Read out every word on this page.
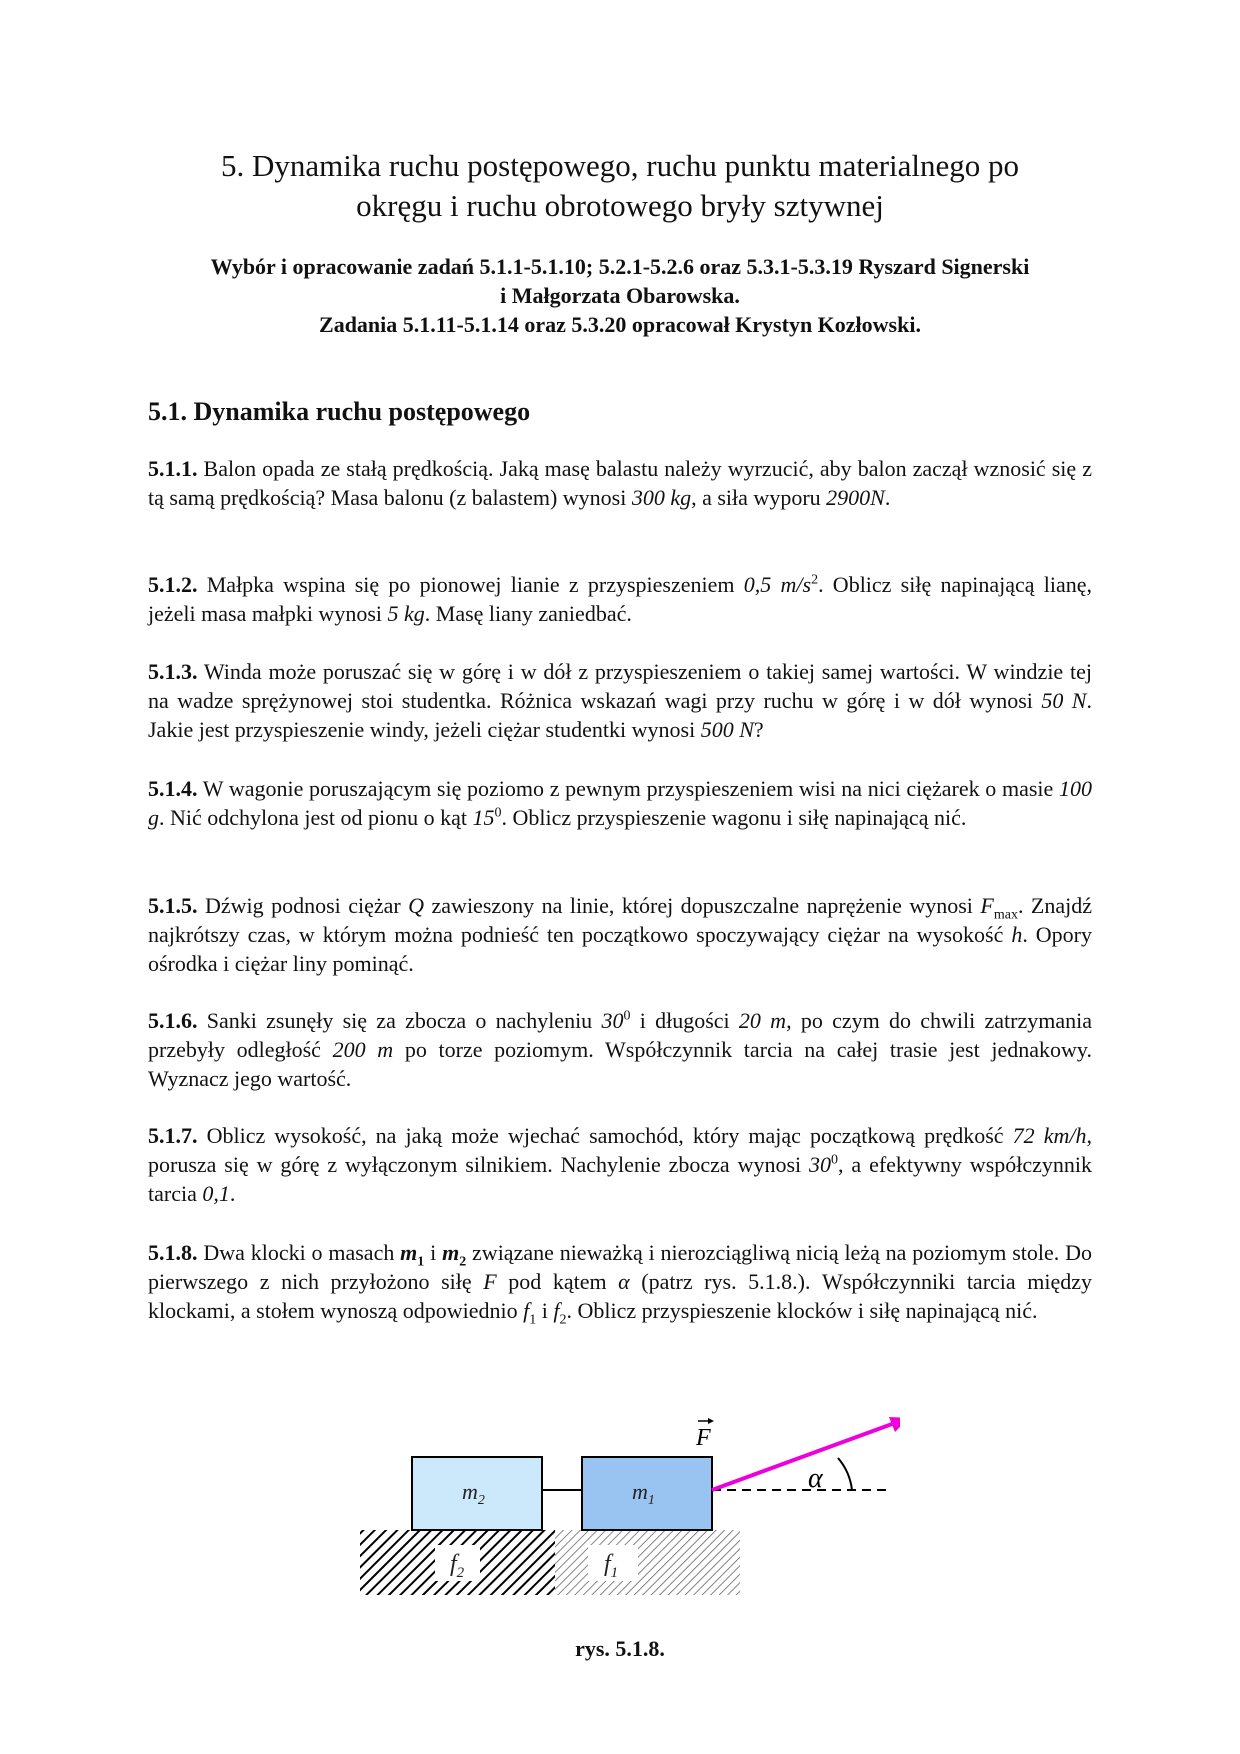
5. Dynamika ruchu postępowego, ruchu punktu materialnego po
okręgu i ruchu obrotowego bryły sztywnej
Wybór i opracowanie zadań 5.1.1-5.1.10; 5.2.1-5.2.6 oraz 5.3.1-5.3.19 Ryszard Signerski
i Małgorzata Obarowska.
Zadania 5.1.11-5.1.14 oraz 5.3.20 opracował Krystyn Kozłowski.
5.1. Dynamika ruchu postępowego
5.1.1. Balon opada ze stałą prędkością. Jaką masę balastu należy wyrzucić, aby balon zaczął wznosić się z tą samą prędkością? Masa balonu (z balastem) wynosi 300 kg, a siła wyporu 2900N.
5.1.2. Małpka wspina się po pionowej lianie z przyspieszeniem 0,5 $m/s^2$. Oblicz siłę napinającą lianę, jeżeli masa małpki wynosi 5 kg. Masę liany zaniedbać.
5.1.3. Winda może poruszać się w górę i w dół z przyspieszeniem o takiej samej wartości. W windzie tej na wadze sprężynowej stoi studentka. Różnica wskazań wagi przy ruchu w górę i w dół wynosi 50 N. Jakie jest przyspieszenie windy, jeżeli ciężar studentki wynosi 500 N?
5.1.4. W wagonie poruszającym się poziomo z pewnym przyspieszeniem wisi na nici ciężarek o masie 100 g. Nić odchylona jest od pionu o kąt $15^0$. Oblicz przyspieszenie wagonu i siłę napinającą nić.
5.1.5. Dźwig podnosi ciężar Q zawieszony na linie, której dopuszczalne naprężenie wynosi $F_{max}$. Znajdź najkrótszy czas, w którym można podnieść ten początkowo spoczywający ciężar na wysokość h. Opory ośrodka i ciężar liny pominąć.
5.1.6. Sanki zsunęły się za zbocza o nachyleniu $30^0$ i długości 20 m, po czym do chwili zatrzymania przebyły odległość 200 m po torze poziomym. Współczynnik tarcia na całej trasie jest jednakowy. Wyznacz jego wartość.
5.1.7. Oblicz wysokość, na jaką może wjechać samochód, który mając początkową prędkość 72 km/h, porusza się w górę z wyłączonym silnikiem. Nachylenie zbocza wynosi $30^0$, a efektywny współczynnik tarcia 0,1.
5.1.8. Dwa klocki o masach $m_1$ i $m_2$ związane nieważką i nierozciągliwą nicią leżą na poziomym stole. Do pierwszego z nich przyłożono siłę F pod kątem α (patrz rys. 5.1.8.). Współczynniki tarcia między klockami, a stołem wynoszą odpowiednio $f_1$ i $f_2$. Oblicz przyspieszenie klocków i siłę napinającą nić.
$f_2$	$f_1$
$m_2$	$m_1$
α
F
rys. 5.1.8.
